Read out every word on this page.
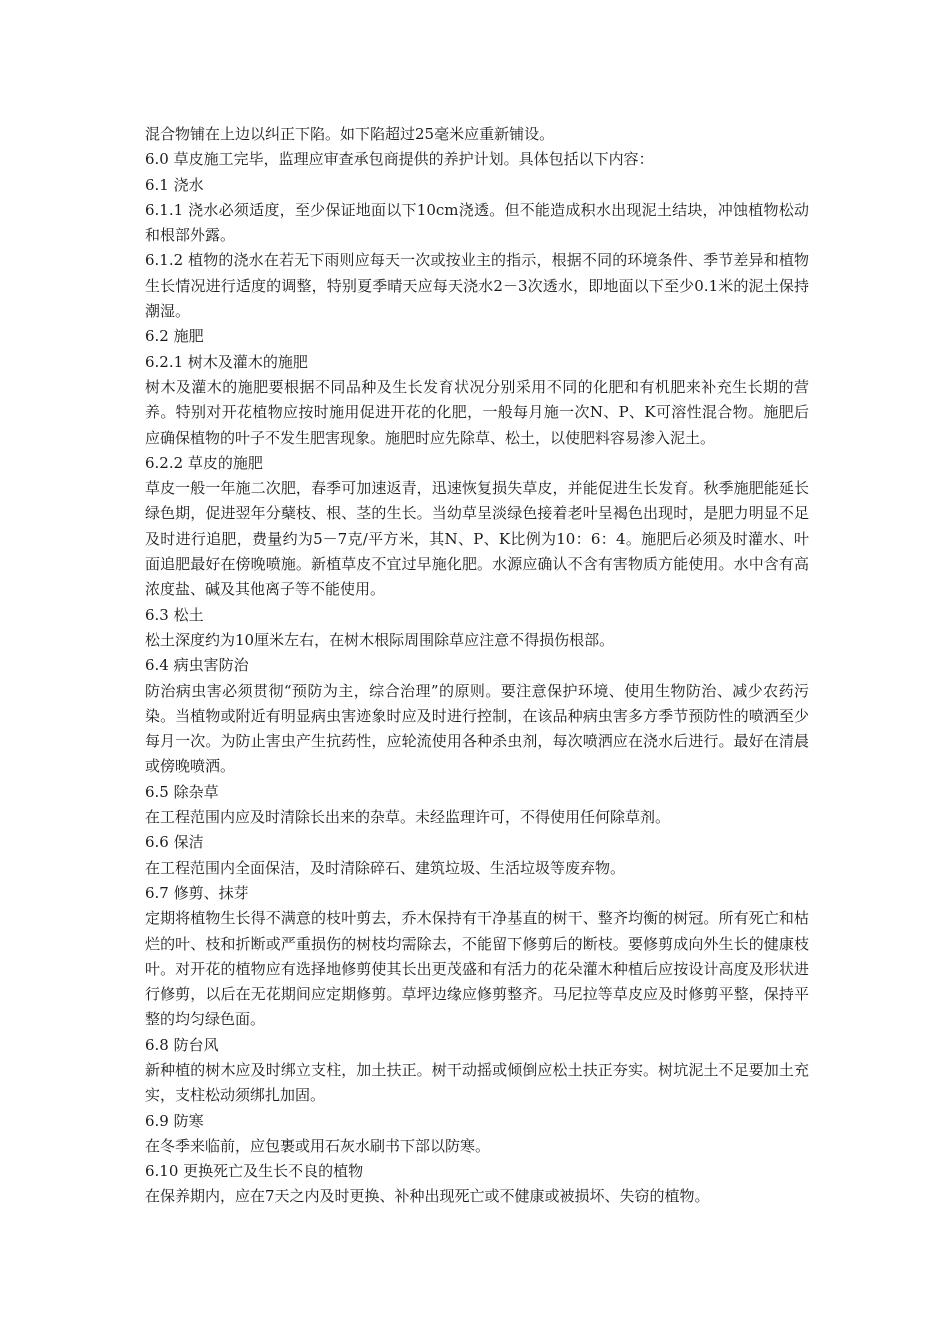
混合物铺在上边以纠正下陷。如下陷超过25毫米应重新铺设。

6.0 草皮施工完毕，监理应审查承包商提供的养护计划。具体包括以下内容：

6.1 浇水

6.1.1 浇水必须适度，至少保证地面以下10cm浇透。但不能造成积水出现泥土结块，冲蚀植物松动和根部外露。

6.1.2 植物的浇水在若无下雨则应每天一次或按业主的指示，根据不同的环境条件、季节差异和植物生长情况进行适度的调整，特别夏季晴天应每天浇水2－3次透水，即地面以下至少0.1米的泥土保持潮湿。

6.2 施肥

6.2.1 树木及灌木的施肥

树木及灌木的施肥要根据不同品种及生长发育状况分别采用不同的化肥和有机肥来补充生长期的营养。特别对开花植物应按时施用促进开花的化肥，一般每月施一次N、P、K可溶性混合物。施肥后应确保植物的叶子不发生肥害现象。施肥时应先除草、松土，以使肥料容易渗入泥土。

6.2.2 草皮的施肥

草皮一般一年施二次肥，春季可加速返青，迅速恢复损失草皮，并能促进生长发育。秋季施肥能延长绿色期，促进翌年分蘖枝、根、茎的生长。当幼草呈淡绿色接着老叶呈褐色出现时，是肥力明显不足及时进行追肥，费量约为5－7克/平方米，其N、P、K比例为10：6：4。施肥后必须及时灌水、叶面追肥最好在傍晚喷施。新植草皮不宜过早施化肥。水源应确认不含有害物质方能使用。水中含有高浓度盐、碱及其他离子等不能使用。

6.3 松土

松土深度约为10厘米左右，在树木根际周围除草应注意不得损伤根部。

6.4 病虫害防治

防治病虫害必须贯彻“预防为主，综合治理”的原则。要注意保护环境、使用生物防治、减少农药污染。当植物或附近有明显病虫害迹象时应及时进行控制，在该品种病虫害多方季节预防性的喷洒至少每月一次。为防止害虫产生抗药性，应轮流使用各种杀虫剂，每次喷洒应在浇水后进行。最好在清晨或傍晚喷洒。

6.5 除杂草

在工程范围内应及时清除长出来的杂草。未经监理许可，不得使用任何除草剂。

6.6 保洁

在工程范围内全面保洁，及时清除碎石、建筑垃圾、生活垃圾等废弃物。

6.7 修剪、抹芽

定期将植物生长得不满意的枝叶剪去，乔木保持有干净基直的树干、整齐均衡的树冠。所有死亡和枯烂的叶、枝和折断或严重损伤的树枝均需除去，不能留下修剪后的断枝。要修剪成向外生长的健康枝叶。对开花的植物应有选择地修剪使其长出更茂盛和有活力的花朵灌木种植后应按设计高度及形状进行修剪，以后在无花期间应定期修剪。草坪边缘应修剪整齐。马尼拉等草皮应及时修剪平整，保持平整的均匀绿色面。

6.8 防台风

新种植的树木应及时绑立支柱，加土扶正。树干动摇或倾倒应松土扶正夯实。树坑泥土不足要加土充实，支柱松动须绑扎加固。

6.9 防寒

在冬季来临前，应包裹或用石灰水刷书下部以防寒。

6.10 更换死亡及生长不良的植物

在保养期内，应在7天之内及时更换、补种出现死亡或不健康或被损坏、失窃的植物。
